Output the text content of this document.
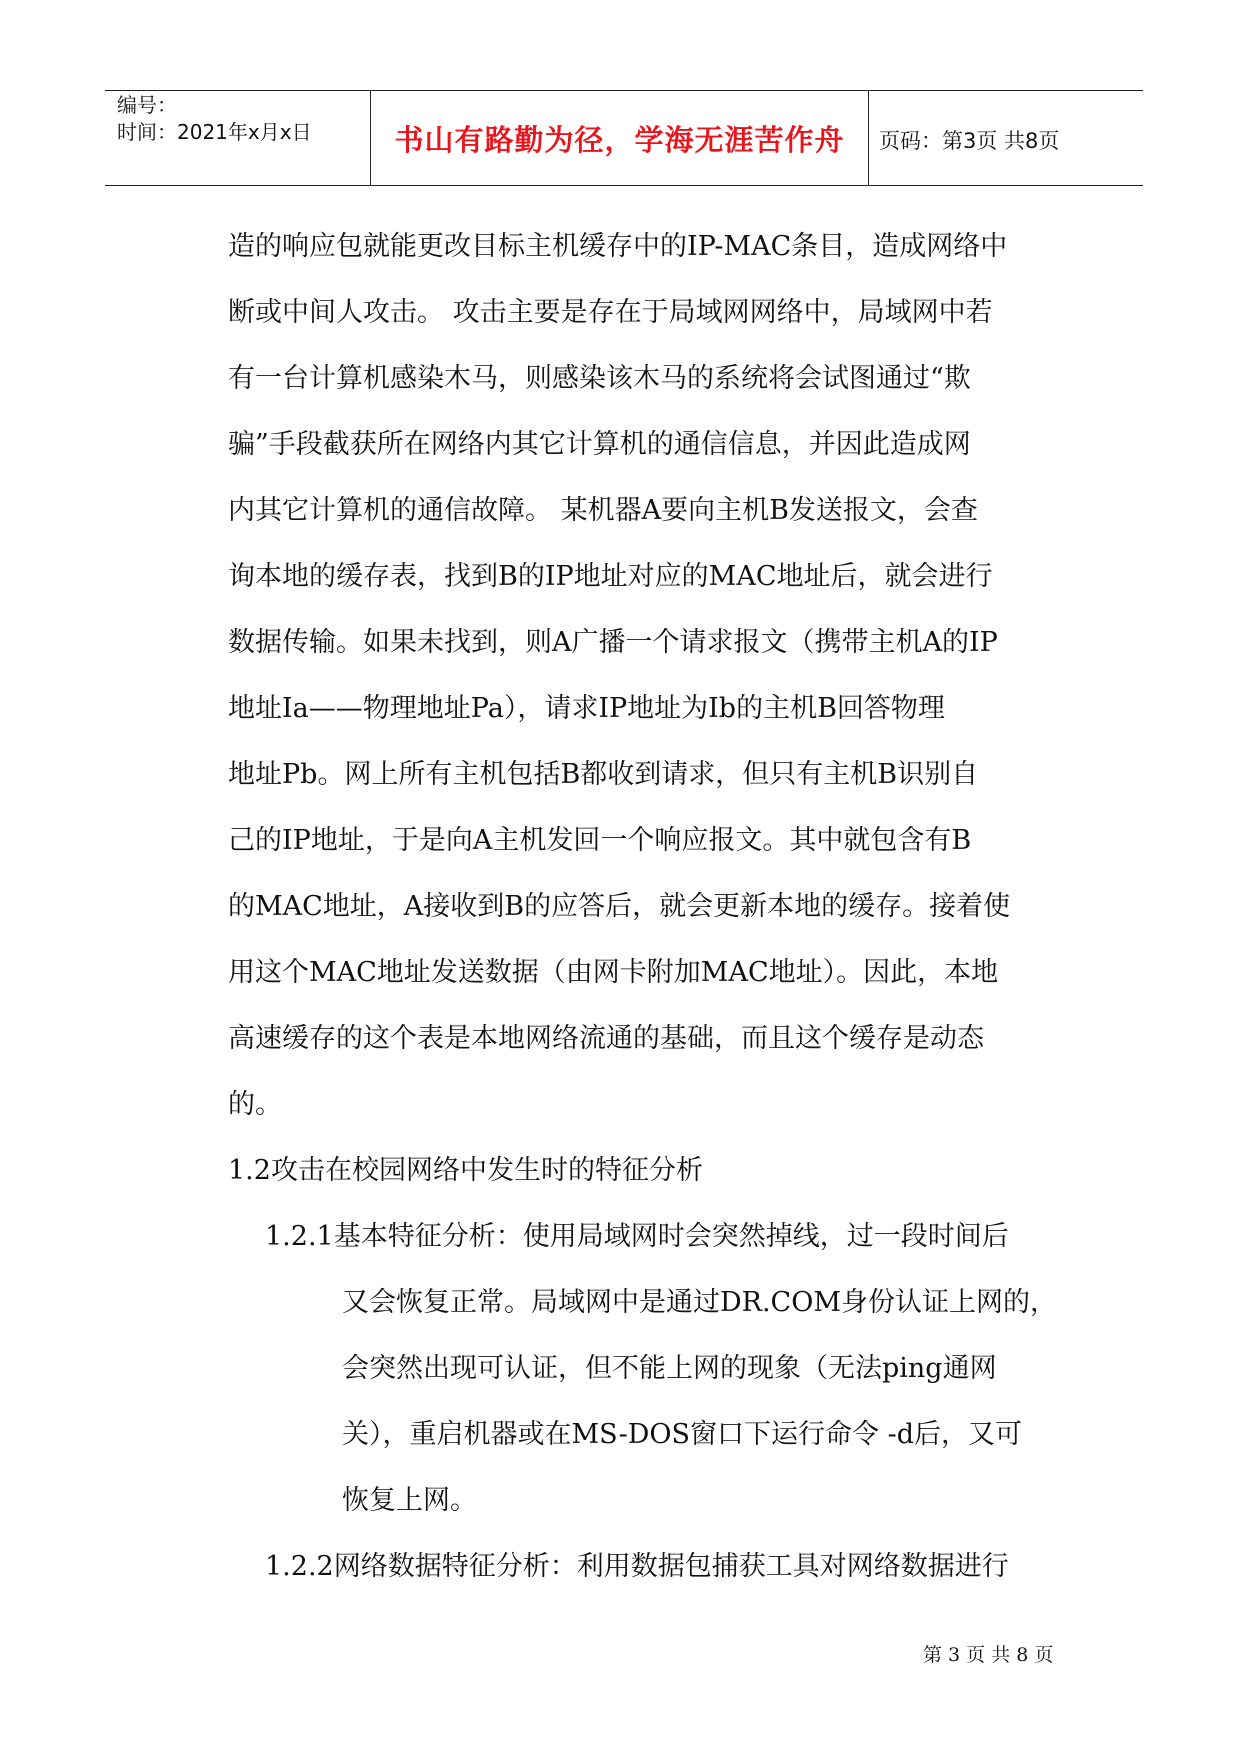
编号：
时间：2021年x月x日	书山有路勤为径，学海无涯苦作舟	页码：第3页 共8页

造的响应包就能更改目标主机缓存中的IP-MAC条目，造成网络中

断或中间人攻击。 攻击主要是存在于局域网网络中，局域网中若

有一台计算机感染木马，则感染该木马的系统将会试图通过“欺

骗”手段截获所在网络内其它计算机的通信信息，并因此造成网

内其它计算机的通信故障。 某机器A要向主机B发送报文，会查

询本地的缓存表，找到B的IP地址对应的MAC地址后，就会进行

数据传输。如果未找到，则A广播一个请求报文（携带主机A的IP

地址Ia——物理地址Pa），请求IP地址为Ib的主机B回答物理

地址Pb。网上所有主机包括B都收到请求，但只有主机B识别自

己的IP地址，于是向A主机发回一个响应报文。其中就包含有B

的MAC地址，A接收到B的应答后，就会更新本地的缓存。接着使

用这个MAC地址发送数据（由网卡附加MAC地址）。因此，本地

高速缓存的这个表是本地网络流通的基础，而且这个缓存是动态

的。

1.2攻击在校园网络中发生时的特征分析

1.2.1基本特征分析：使用局域网时会突然掉线，过一段时间后

又会恢复正常。局域网中是通过DR.COM身份认证上网的，

会突然出现可认证，但不能上网的现象（无法ping通网

关），重启机器或在MS-DOS窗口下运行命令 -d后，又可

恢复上网。

1.2.2网络数据特征分析：利用数据包捕获工具对网络数据进行

第 3 页 共 8 页
